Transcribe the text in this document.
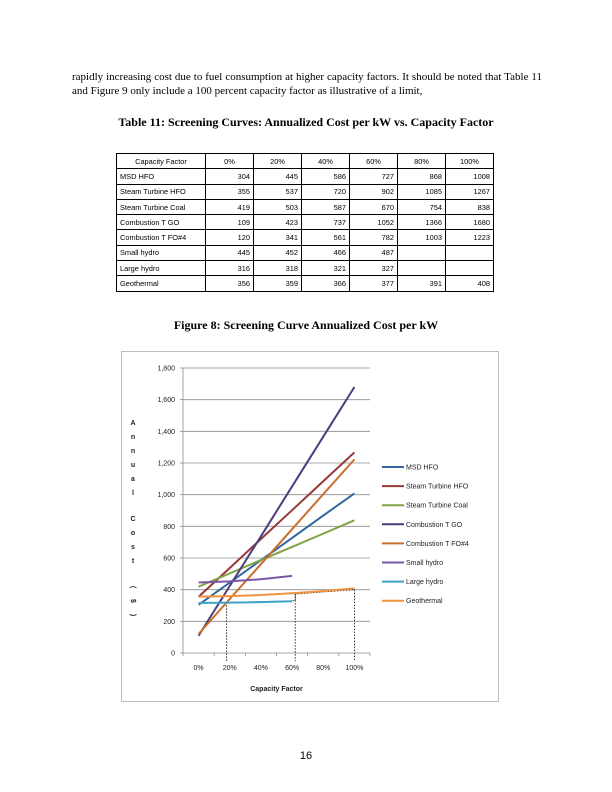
rapidly increasing cost due to fuel consumption at higher capacity factors. It should be noted that Table 11 and Figure 9 only include a 100 percent capacity factor as illustrative of a limit,
Table 11: Screening Curves: Annualized Cost per kW vs. Capacity Factor
Capacity Factor	0%	20%	40%	60%	80%	100%
MSD HFO	304	445	586	727	868	1008
Steam Turbine HFO	355	537	720	902	1085	1267
Steam Turbine Coal	419	503	587	670	754	838
Combustion T GO	109	423	737	1052	1366	1680
Combustion T FO#4	120	341	561	782	1003	1223
Small hydro	445	452	466	487		
Large hydro	316	318	321	327		
Geothermal	356	359	366	377	391	408
Figure 8: Screening Curve Annualized Cost per kW
0
200
400
600
800
1,000
1,200
1,400
1,600
1,800
0%	20% 40% 60% 80% 100%
Capacity Factor
A
n
n
u
a
l
C
o
s
t
(
$
)
MSD HFO
Steam Turbine HFO
Steam Turbine Coal
Combustion T GO
Combustion T FO#4
Small hydro
Large hydro
Geothermal
16
